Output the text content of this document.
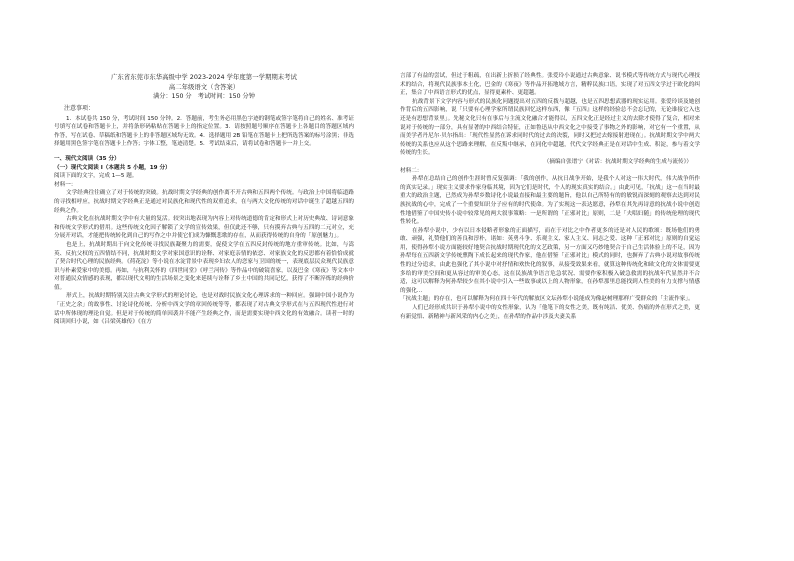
广东省东莞市东华高级中学 2023-2024 学年度第一学期期末考试
高二年级语文（含答案）
满分：150 分　考试时间：150 分钟
注意事项：

1．本试卷共 150 分，考试时间 150 分钟。2．答题前，考生务必用黑色字迹的钢笔或签字笔将自己的姓名、准考证号填写在试卷和答题卡上，并将条形码粘贴在答题卡上的指定位置。3．请按照题号顺序在答题卡上各题目的答题区域内作答，写在试卷、草稿纸和答题卡上的非答题区域均无效。4．选择题用 2B 铅笔在答题卡上把所选答案的标号涂黑；非选择题用黑色签字笔在答题卡上作答；字体工整，笔迹清楚。5．考试结束后，请将试卷和答题卡一并上交。

一、现代文阅读（35 分）
（一）现代文阅读 I（本题共 5 小题，19 分）
阅读下面的文字，完成 1—5 题。
材料一：

文学经典往往确立了对于传统的突破。抗战时期文学经典的创作离不开古典和五四两个传统。与政治上中国将临道路的寻找相呼应，抗战时期文学经典正是通过对民族化和现代性的双重追求，在与两大文化传统的对话中诞生了超越五四的经典之作。

古典文化在抗战时期文学中有大量的复活。较突出地表现为内容上对传统道德的肯定和形式上对历史典故、诗词意象和传统文学形式的借用。这些传统文化因子解锁了文学的宣传效果，但仅此还不够，只有摸弃古典与五四的二元对立，充分展开对话，才能把传统转化到自己的写作之中并使它们成为慷慨悲歌的存在，从而获得传统的自身的「原创魅力」。

也是上，抗战时期出于向文化传统寻找民族凝聚力的需要，促使文学在五四反封传统的地方重审传统。比如，与嵩英、反抗父权的五四情结不同，抗战时期文学对家国意识的诠释、对家庭亲情的依恋、对家族文化的反思都有着恰恰成就了契合时代心理的民族经典。《荷花淀》等小说在水淀背景中表现乡妇农人的恋家与卫国的统一，表现底层民众现代民族意识与朴素爱家中的美德。再如，与抗利关怀的《四世同堂》《呼兰河传》等作品中的破镜喜家，以及巴金《寒夜》等文本中对普通民众情感的表现，都以现代文明的生活场景之变化来延续与诠释了乡土中国的共同记忆，获得了不断淬炼的经典价值。

形式上，抗战时期特别关注古典文学形式的理论讨论，也是对战时民族文化心理诉求的一种回应。强调中国小说作为「正史之余」的故事性、讨论诗化传统、分析中西文学的章回传统等等，都表现了对古典文学形式在与五四现代性进行对话中所体现的理论自觉。但是对于传统的简单因袭并不能产生经典之作，而是需要实现中西文化的有效融合。读者一时的阅读回归小说，如《吕梁英雄传》《在方

言部了有益的尝试，但过于粗疏，在出新上折损了经典性。张爱玲小说通过古典意象、说书模式等传统方式与现代心理技术的结合，将现代民族事本土化，巴金的《寒夜》等作品开拓地域方言，精粹民族口语，实现了对五四文学过于欧化的纠正，集合了中西语言形式的优点，显得更素朴、更超越。

抗战背景下文学内容与形式的民族化问题提出对五四的反拨与超越，也是五四思想武器的现实运用。张爱玲谈及她创作背后的五四影响，说「只要有心理学家所谓民族回忆这样东西，像『五四』这样的经验总不会忘记的，无论谁接它入也还是有思想背景里」。先秘文化只有在事后与主流文化融合才能得以，五四文化正是经过主义的去除才使得了复合，相对来说对于传统的一部分，具有显著的中西结合特征，正如鲁迅从中西文化之中接受了事物之外的影响，对它有一个重置，从而美学者丹尼尔·贝尔指出：「现代性显然在诉求同时代的过去的决裂，同时又把过去嫁接射进现在」。抗战时期文学中两大传统的关系也应从这个思路来理解，在反叛中继承，在同化中超越，代代文学经典正是在对话中生成、积淀，参与着文学传统的生长。

（摘编自张谱宁《对话：抗战时期文学经典的生成与流传》）
材料二：

孙犁在总结自己的创作生涯时曾反复强调：「我的创作，从抗日战争开始，是我个人对这一伟大时代，伟大战争所作的真实记录。」现实主义要求作家身临其境，因为它们是时代，个人的现实真实的结合。」由此可见，「抗战」这一在当时最重大的政治主题，已然成为孙犁乡数诗化小说最直接和最主要的题旨，他以自己所特有的的敏锐而深刻的观察去达到对民族抗战的心中，完成了一个重要知识分子应有的时代使命。为了实现这一表达愿意，孙犁在其先再诗意的抗战小说中创造性地借鉴了中国史传小说中较常见的两大叙事策略：一是所谓的「正邪对比」原则，二是「夫唱妇随」的传统伦理的现代性转化。

在孙犁小说中，少有以日本侵略者形象的正面描写，而在于对比之中作者更多的还是对人民的歌颂：既场他们的勇敢、顽强，礼赞他们的善良和淳朴，诸如：英勇斗争、乐观主义、家人主义、同志之爱、这种「正邪对比」原则的自觉运用，使得孙犁小说方面能较好地契合抗战时期现代化的文艺政策，另一方面又巧妙地契合于自己生活体验上的不足，因为孙犁每在五四新文学传统熏陶下成长起来的现代作家，他在借鉴「正邪对比」模式的同时，也摒弃了古典小说对故事传统性的过分追求，由此也强化了其小说中对抒情和欢快化的叙事，从接受效果来看，就算这种传统化和欧文化的文体需要更多给的审美空间和更从容过的审美心态，这在民族战争语言危急状况、需要作家积极入破急救需的抗战年代显然并不合适，这可以解释为何孙犁较少在其小说中引入一些故事或以上的人物形象，在孙犁那里总能找到人性美的有力支撑与情感的强化...

「抗战主题」的存在，也可以解释为何在四十年代的解放区文坛孙犁小说能成为像赵树理那样广受群众的「主流作家」。

人们已经形成共识于孙犁小说中的女性形象，认为「他笔下的女性之美，既有纯洁、优美、伤痛的外在形式之美，更有新觉悟、新精神与新风采的内心之美」，在孙犁的作品中涉及夫妻关系
